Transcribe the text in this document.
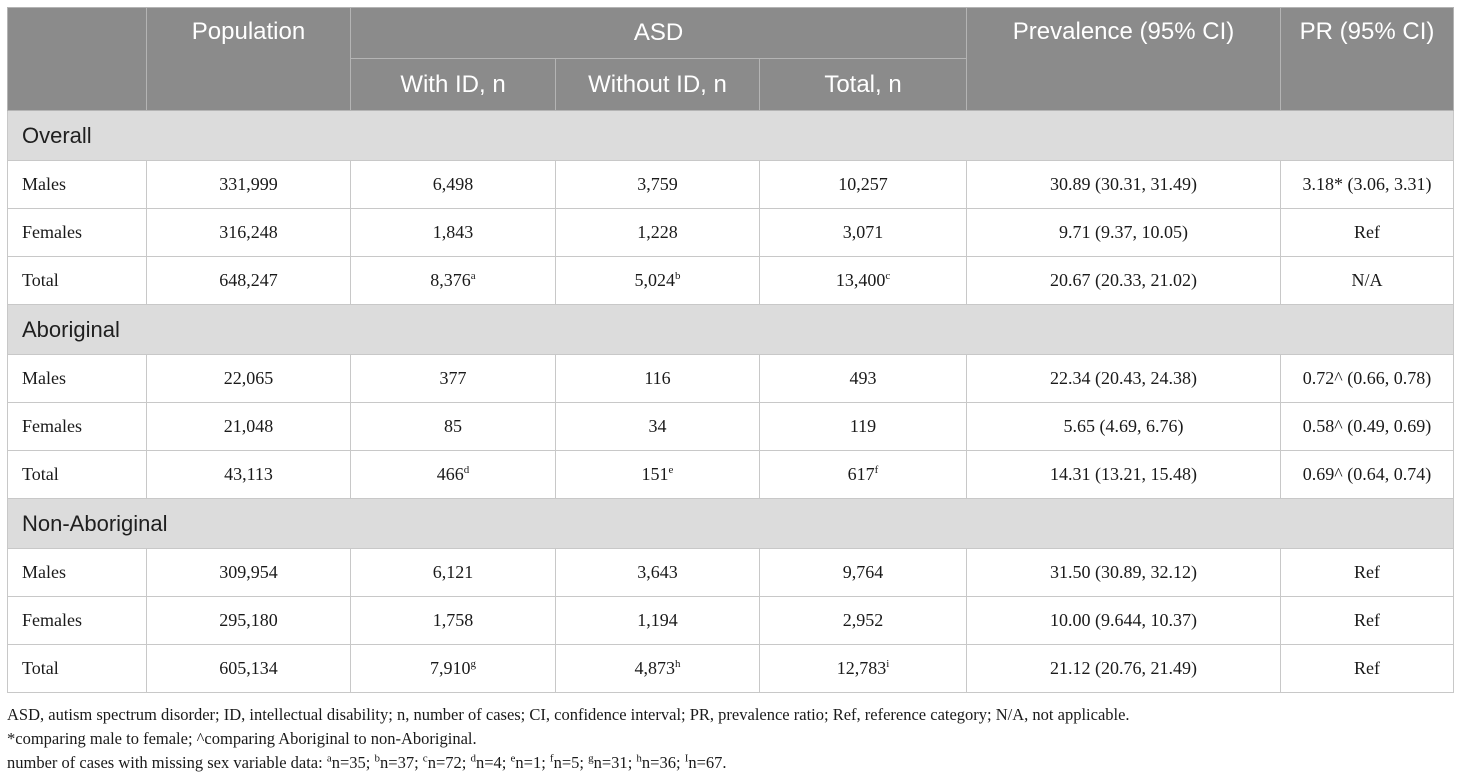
	Population	ASD			Prevalence (95% CI)	PR (95% CI)
		With ID, n	Without ID, n	Total, n		
Overall						
Males	331,999	6,498	3,759	10,257	30.89 (30.31, 31.49)	3.18* (3.06, 3.31)
Females	316,248	1,843	1,228	3,071	9.71 (9.37, 10.05)	Ref
Total	648,247	8,376$^a$	5,024$^b$	13,400$^c$	20.67 (20.33, 21.02)	N/A
Aboriginal						
Males	22,065	377	116	493	22.34 (20.43, 24.38)	0.72^ (0.66, 0.78)
Females	21,048	85	34	119	5.65 (4.69, 6.76)	0.58^ (0.49, 0.69)
Total	43,113	466$^d$	151e	617$^f$	14.31 (13.21, 15.48)	0.69^ (0.64, 0.74)
Non-Aboriginal						
Males	309,954	6,121	3,643	9,764	31.50 (30.89, 32.12)	Ref
Females	295,180	1,758	1,194	2,952	10.00 (9.644, 10.37)	Ref
Total	605,134	7,910$^g$	4,873$^h$	12,783$^i$	21.12 (20.76, 21.49)	Ref

ASD, autism spectrum disorder; ID, intellectual disability; n, number of cases; CI, confidence interval; PR, prevalence ratio; Ref, reference category; N/A, not applicable.

*comparing male to female; ^comparing Aboriginal to non-Aboriginal.

number of cases with missing sex variable data: $^a$n=35; $^b$n=37; $^c$n=72; $^d$n=4; $^e$n=1; $^f$n=5; $^g$n=31; $^h$n=36; $^I$n=67.
